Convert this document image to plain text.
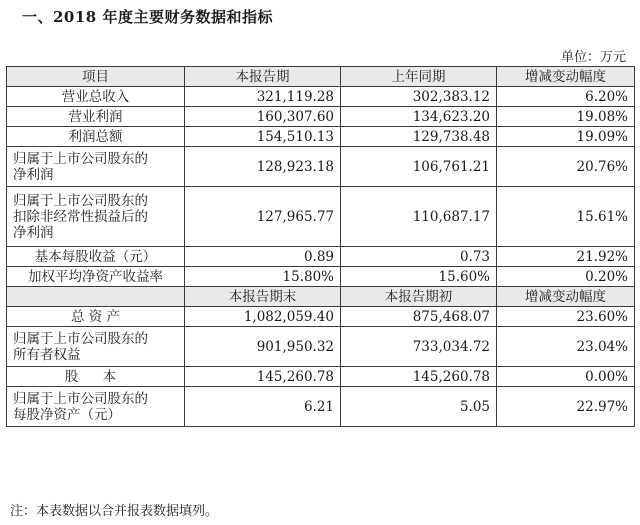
一、2018 年度主要财务数据和指标
单位：万元
项目	本报告期	上年同期	增减变动幅度
营业总收入	321,119.28	302,383.12	6.20%
营业利润	160,307.60	134,623.20	19.08%
利润总额	154,510.13	129,738.48	19.09%

归属于上市公司股东的
净利润	128,923.18	106,761.21	20.76%

归属于上市公司股东的
扣除非经常性损益后的
净利润	127,965.77	110,687.17	15.61%
基本每股收益（元）	0.89	0.73	21.92%
加权平均净资产收益率	15.80%	15.60%	0.20%
	本报告期末	本报告期初	增减变动幅度
总 资 产	1,082,059.40	875,468.07	23.60%

归属于上市公司股东的
所有者权益	901,950.32	733,034.72	23.04%
股 本	145,260.78	145,260.78	0.00%

归属于上市公司股东的
每股净资产（元）	6.21	5.05	22.97%
注：本表数据以合并报表数据填列。
